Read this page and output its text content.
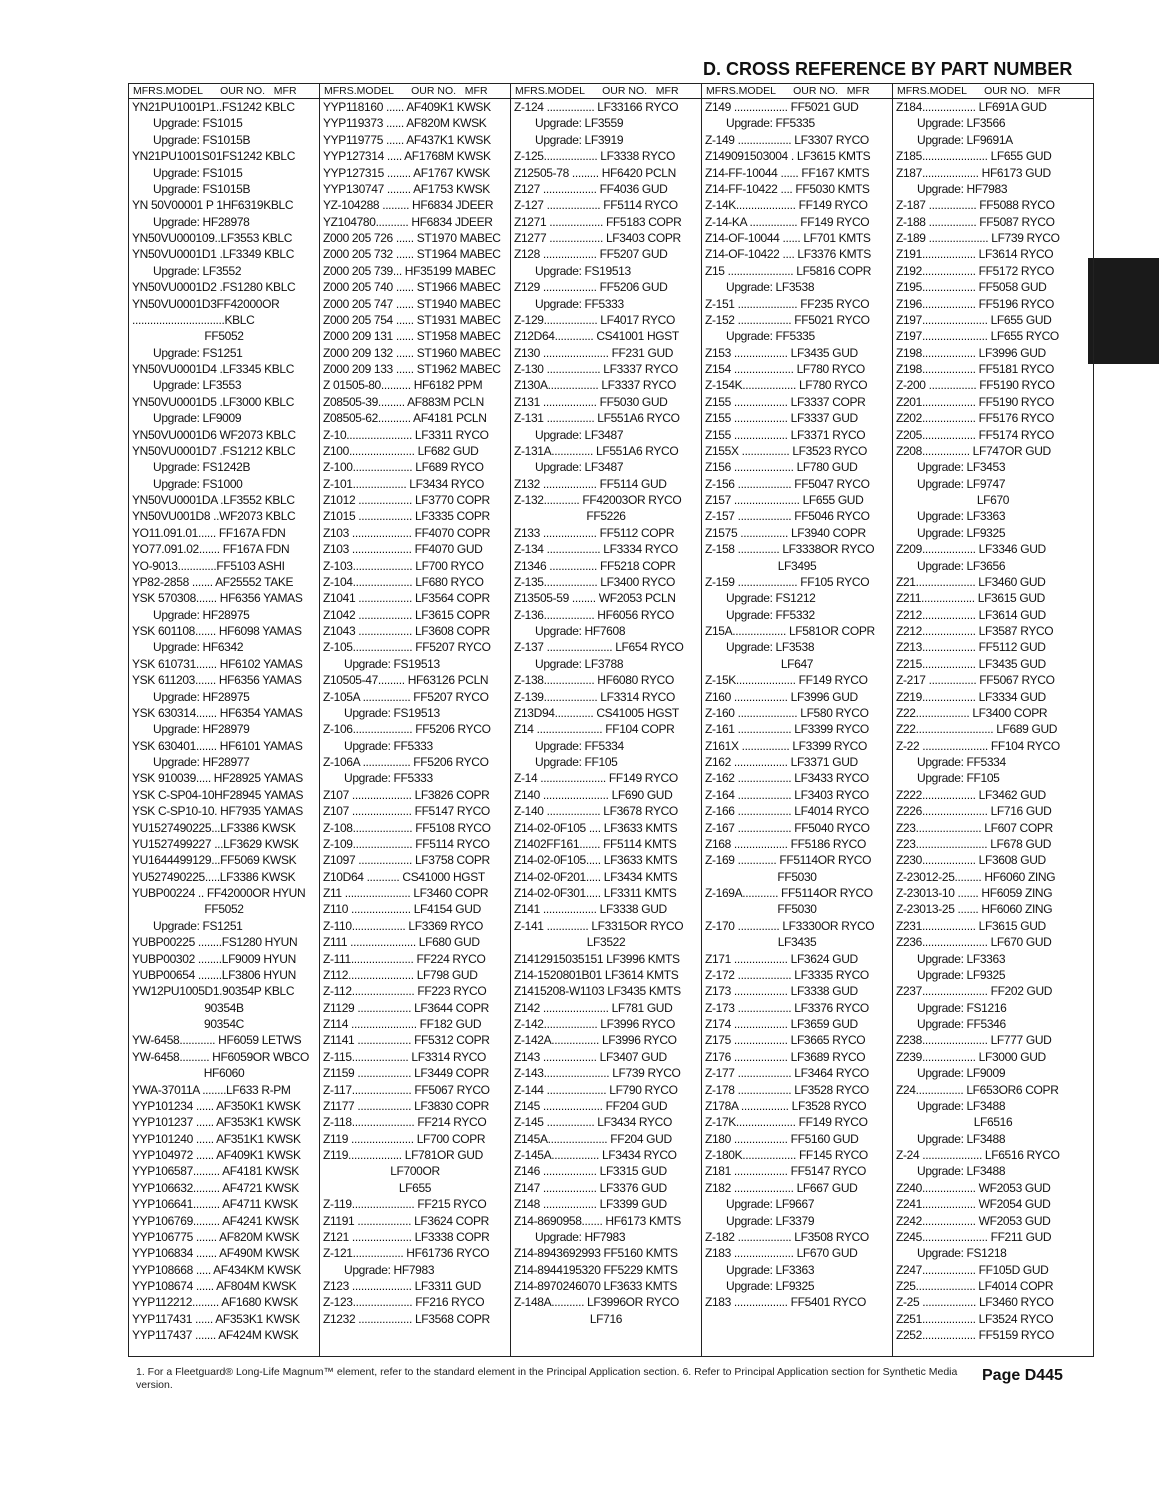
D. CROSS REFERENCE BY PART NUMBER
MFRS.MODEL      OUR NO.   MFR
YN21PU1001P1..FS1242 KBLC
Upgrade: FS1015
Upgrade: FS1015B
YN21PU1001S01FS1242 KBLC
Upgrade: FS1015
Upgrade: FS1015B
YN 50V00001 P 1HF6319KBLC
Upgrade: HF28978
YN50VU000109..LF3553 KBLC
YN50VU0001D1 .LF3349 KBLC
Upgrade: LF3552
YN50VU0001D2 .FS1280 KBLC
YN50VU0001D3FF42000OR
...............................KBLC
FF5052
Upgrade: FS1251
YN50VU0001D4 .LF3345 KBLC
Upgrade: LF3553
YN50VU0001D5 .LF3000 KBLC
Upgrade: LF9009
YN50VU0001D6 WF2073 KBLC
YN50VU0001D7 .FS1212 KBLC
Upgrade: FS1242B
Upgrade: FS1000
YN50VU0001DA .LF3552 KBLC
YN50VU001D8 ..WF2073 KBLC
YO11.091.01...... FF167A FDN
YO77.091.02....... FF167A FDN
YO-9013.............FF5103 ASHI
YP82-2858 ....... AF25552 TAKE
YSK 570308....... HF6356 YAMAS
Upgrade: HF28975
YSK 601108....... HF6098 YAMAS
Upgrade: HF6342
YSK 610731....... HF6102 YAMAS
YSK 611203....... HF6356 YAMAS
Upgrade: HF28975
YSK 630314....... HF6354 YAMAS
Upgrade: HF28979
YSK 630401....... HF6101 YAMAS
Upgrade: HF28977
YSK 910039..... HF28925 YAMAS
YSK C-SP04-10HF28945 YAMAS
YSK C-SP10-10. HF7935 YAMAS
YU1527490225...LF3386 KWSK
YU1527499227 ...LF3629 KWSK
YU1644499129...FF5069 KWSK
YU527490225.....LF3386 KWSK
YUBP00224 .. FF42000OR HYUN
FF5052
Upgrade: FS1251
YUBP00225 ........FS1280 HYUN
YUBP00302 ........LF9009 HYUN
YUBP00654 ........LF3806 HYUN
YW12PU1005D1.90354P KBLC
90354B
90354C
YW-6458............ HF6059 LETWS
YW-6458.......... HF6059OR WBCO
HF6060
YWA-37011A ........LF633 R-PM
YYP101234 ...... AF350K1 KWSK
YYP101237 ...... AF353K1 KWSK
YYP101240 ...... AF351K1 KWSK
YYP104972 ...... AF409K1 KWSK
YYP106587......... AF4181 KWSK
YYP106632......... AF4721 KWSK
YYP106641......... AF4711 KWSK
YYP106769......... AF4241 KWSK
YYP106775 ....... AF820M KWSK
YYP106834 ....... AF490M KWSK
YYP108668 ..... AF434KM KWSK
YYP108674 ...... AF804M KWSK
YYP112212......... AF1680 KWSK
YYP117431 ...... AF353K1 KWSK
YYP117437 ....... AF424M KWSK
MFRS.MODEL      OUR NO.   MFR
YYP118160 ...... AF409K1 KWSK
YYP119373 ...... AF820M KWSK
YYP119775 ...... AF437K1 KWSK
YYP127314 ..... AF1768M KWSK
YYP127315 ........ AF1767 KWSK
YYP130747 ........ AF1753 KWSK
YZ-104288 ......... HF6834 JDEER
YZ104780........... HF6834 JDEER
Z000 205 726 ...... ST1970 MABEC
Z000 205 732 ...... ST1964 MABEC
Z000 205 739... HF35199 MABEC
Z000 205 740 ...... ST1966 MABEC
Z000 205 747 ...... ST1940 MABEC
Z000 205 754 ...... ST1931 MABEC
Z000 209 131 ...... ST1958 MABEC
Z000 209 132 ...... ST1960 MABEC
Z000 209 133 ...... ST1962 MABEC
Z 01505-80.......... HF6182 PPM
Z08505-39......... AF883M PCLN
Z08505-62........... AF4181 PCLN
Z-10...................... LF3311 RYCO
Z100...................... LF682 GUD
Z-100.................... LF689 RYCO
Z-101.................. LF3434 RYCO
Z1012 .................. LF3770 COPR
Z1015 .................. LF3335 COPR
Z103 .................... FF4070 COPR
Z103 .................... FF4070 GUD
Z-103.................... LF700 RYCO
Z-104.................... LF680 RYCO
Z1041 .................. LF3564 COPR
Z1042 .................. LF3615 COPR
Z1043 .................. LF3608 COPR
Z-105.................... FF5207 RYCO
Upgrade: FS19513
Z10505-47......... HF63126 PCLN
Z-105A ................ FF5207 RYCO
Upgrade: FS19513
Z-106.................... FF5206 RYCO
Upgrade: FF5333
Z-106A ................ FF5206 RYCO
Upgrade: FF5333
Z107 .................... LF3826 COPR
Z107 .................... FF5147 RYCO
Z-108.................... FF5108 RYCO
Z-109.................... FF5114 RYCO
Z1097 .................. LF3758 COPR
Z10D64 ........... CS41000 HGST
Z11 ...................... LF3460 COPR
Z110 .................... LF4154 GUD
Z-110.................. LF3369 RYCO
Z111 ...................... LF680 GUD
Z-111..................... FF224 RYCO
Z112...................... LF798 GUD
Z-112..................... FF223 RYCO
Z1129 .................. LF3644 COPR
Z114 ...................... FF182 GUD
Z1141 .................. FF5312 COPR
Z-115................... LF3314 RYCO
Z1159 .................. LF3449 COPR
Z-117.................... FF5067 RYCO
Z1177 .................. LF3830 COPR
Z-118..................... FF214 RYCO
Z119 ..................... LF700 COPR
Z119.................. LF781OR GUD
LF700OR
LF655
Z-119..................... FF215 RYCO
Z1191 .................. LF3624 COPR
Z121 .................... LF3338 COPR
Z-121................. HF61736 RYCO
Upgrade: HF7983
Z123 .................... LF3311 GUD
Z-123.................... FF216 RYCO
Z1232 .................. LF3568 COPR
MFRS.MODEL      OUR NO.   MFR
Z-124 ................ LF33166 RYCO
Upgrade: LF3559
Upgrade: LF3919
Z-125.................. LF3338 RYCO
Z12505-78 ......... HF6420 PCLN
Z127 .................. FF4036 GUD
Z-127 .................. FF5114 RYCO
Z1271 .................. FF5183 COPR
Z1277 .................. LF3403 COPR
Z128 .................. FF5207 GUD
Upgrade: FS19513
Z129 .................. FF5206 GUD
Upgrade: FF5333
Z-129.................. LF4017 RYCO
Z12D64............. CS41001 HGST
Z130 ...................... FF231 GUD
Z-130 .................. LF3337 RYCO
Z130A................. LF3337 RYCO
Z131 .................. FF5030 GUD
Z-131 ................ LF551A6 RYCO
Upgrade: LF3487
Z-131A.............. LF551A6 RYCO
Upgrade: LF3487
Z132 .................. FF5114 GUD
Z-132............ FF42003OR RYCO
FF5226
Z133 .................. FF5112 COPR
Z-134 .................. LF3334 RYCO
Z1346 ................ FF5218 COPR
Z-135.................. LF3400 RYCO
Z13505-59 ........ WF2053 PCLN
Z-136................. HF6056 RYCO
Upgrade: HF7608
Z-137 ...................... LF654 RYCO
Upgrade: LF3788
Z-138................. HF6080 RYCO
Z-139.................. LF3314 RYCO
Z13D94............. CS41005 HGST
Z14 ...................... FF104 COPR
Upgrade: FF5334
Upgrade: FF105
Z-14 ...................... FF149 RYCO
Z140 ...................... LF690 GUD
Z-140 .................. LF3678 RYCO
Z14-02-0F105 .... LF3633 KMTS
Z1402FF161....... FF5114 KMTS
Z14-02-0F105..... LF3633 KMTS
Z14-02-0F201..... LF3434 KMTS
Z14-02-0F301..... LF3311 KMTS
Z141 .................. LF3338 GUD
Z-141 .............. LF3315OR RYCO
LF3522
Z1412915035151 LF3996 KMTS
Z14-1520801B01 LF3614 KMTS
Z1415208-W1103 LF3435 KMTS
Z142 ...................... LF781 GUD
Z-142.................. LF3996 RYCO
Z-142A................ LF3996 RYCO
Z143 .................. LF3407 GUD
Z-143...................... LF739 RYCO
Z-144 .................... LF790 RYCO
Z145 .................... FF204 GUD
Z-145 ................ LF3434 RYCO
Z145A.................... FF204 GUD
Z-145A................ LF3434 RYCO
Z146 .................. LF3315 GUD
Z147 .................. LF3376 GUD
Z148 .................. LF3399 GUD
Z14-8690958....... HF6173 KMTS
Upgrade: HF7983
Z14-8943692993 FF5160 KMTS
Z14-8944195320 FF5229 KMTS
Z14-8970246070 LF3633 KMTS
Z-148A........... LF3996OR RYCO
LF716
MFRS.MODEL      OUR NO.   MFR
Z149 .................. FF5021 GUD
Upgrade: FF5335
Z-149 .................. LF3307 RYCO
Z149091503004 . LF3615 KMTS
Z14-FF-10044 ...... FF167 KMTS
Z14-FF-10422 .... FF5030 KMTS
Z-14K.................... FF149 RYCO
Z-14-KA ................ FF149 RYCO
Z14-OF-10044 ...... LF701 KMTS
Z14-OF-10422 .... LF3376 KMTS
Z15 ...................... LF5816 COPR
Upgrade: LF3538
Z-151 .................... FF235 RYCO
Z-152 .................. FF5021 RYCO
Upgrade: FF5335
Z153 .................. LF3435 GUD
Z154 .................... LF780 RYCO
Z-154K.................. LF780 RYCO
Z155 .................. LF3337 COPR
Z155 .................. LF3337 GUD
Z155 .................. LF3371 RYCO
Z155X ................ LF3523 RYCO
Z156 .................... LF780 GUD
Z-156 .................. FF5047 RYCO
Z157 ...................... LF655 GUD
Z-157 .................. FF5046 RYCO
Z1575 ................ LF3940 COPR
Z-158 .............. LF3338OR RYCO
LF3495
Z-159 .................... FF105 RYCO
Upgrade: FS1212
Upgrade: FF5332
Z15A.................. LF581OR COPR
Upgrade: LF3538
LF647
Z-15K.................... FF149 RYCO
Z160 .................. LF3996 GUD
Z-160 .................... LF580 RYCO
Z-161 .................. LF3399 RYCO
Z161X ................ LF3399 RYCO
Z162 .................. LF3371 GUD
Z-162 .................. LF3433 RYCO
Z-164 .................. LF3403 RYCO
Z-166 .................. LF4014 RYCO
Z-167 .................. FF5040 RYCO
Z168 .................. FF5186 RYCO
Z-169 ............. FF5114OR RYCO
FF5030
Z-169A............ FF5114OR RYCO
FF5030
Z-170 .............. LF3330OR RYCO
LF3435
Z171 .................. LF3624 GUD
Z-172 .................. LF3335 RYCO
Z173 .................. LF3338 GUD
Z-173 .................. LF3376 RYCO
Z174 .................. LF3659 GUD
Z175 .................. LF3665 RYCO
Z176 .................. LF3689 RYCO
Z-177 .................. LF3464 RYCO
Z-178 .................. LF3528 RYCO
Z178A ................ LF3528 RYCO
Z-17K.................... FF149 RYCO
Z180 .................. FF5160 GUD
Z-180K.................. FF145 RYCO
Z181 .................. FF5147 RYCO
Z182 .................... LF667 GUD
Upgrade: LF9667
Upgrade: LF3379
Z-182 .................. LF3508 RYCO
Z183 .................... LF670 GUD
Upgrade: LF3363
Upgrade: LF9325
Z183 .................. FF5401 RYCO
MFRS.MODEL      OUR NO.   MFR
Z184.................. LF691A GUD
Upgrade: LF3566
Upgrade: LF9691A
Z185...................... LF655 GUD
Z187................... HF6173 GUD
Upgrade: HF7983
Z-187 ................ FF5088 RYCO
Z-188 ................ FF5087 RYCO
Z-189 .................... LF739 RYCO
Z191.................. LF3614 RYCO
Z192.................. FF5172 RYCO
Z195.................. FF5058 GUD
Z196.................. FF5196 RYCO
Z197...................... LF655 GUD
Z197...................... LF655 RYCO
Z198.................. LF3996 GUD
Z198.................. FF5181 RYCO
Z-200 ................ FF5190 RYCO
Z201.................. FF5190 RYCO
Z202.................. FF5176 RYCO
Z205.................. FF5174 RYCO
Z208................ LF747OR GUD
Upgrade: LF3453
Upgrade: LF9747
LF670
Upgrade: LF3363
Upgrade: LF9325
Z209.................. LF3346 GUD
Upgrade: LF3656
Z21.................... LF3460 GUD
Z211.................. LF3615 GUD
Z212.................. LF3614 GUD
Z212.................. LF3587 RYCO
Z213.................. FF5112 GUD
Z215.................. LF3435 GUD
Z-217 ................ FF5067 RYCO
Z219.................. LF3334 GUD
Z22.................. LF3400 COPR
Z22.......................... LF689 GUD
Z-22 ...................... FF104 RYCO
Upgrade: FF5334
Upgrade: FF105
Z222.................. LF3462 GUD
Z226...................... LF716 GUD
Z23...................... LF607 COPR
Z23........................ LF678 GUD
Z230.................. LF3608 GUD
Z-23012-25......... HF6060 ZING
Z-23013-10 ....... HF6059 ZING
Z-23013-25 ....... HF6060 ZING
Z231.................. LF3615 GUD
Z236...................... LF670 GUD
Upgrade: LF3363
Upgrade: LF9325
Z237...................... FF202 GUD
Upgrade: FS1216
Upgrade: FF5346
Z238...................... LF777 GUD
Z239.................. LF3000 GUD
Upgrade: LF9009
Z24................ LF653OR6 COPR
Upgrade: LF3488
LF6516
Upgrade: LF3488
Z-24 .................... LF6516 RYCO
Upgrade: LF3488
Z240.................. WF2053 GUD
Z241.................. WF2054 GUD
Z242.................. WF2053 GUD
Z245...................... FF211 GUD
Upgrade: FS1218
Z247.................. FF105D GUD
Z25.................... LF4014 COPR
Z-25 .................. LF3460 RYCO
Z251.................. LF3524 RYCO
Z252.................. FF5159 RYCO
1. For a Fleetguard® Long-Life Magnum™ element, refer to the standard element in the Principal Application section. 6. Refer to Principal Application section for Synthetic Media version.
Page D445
